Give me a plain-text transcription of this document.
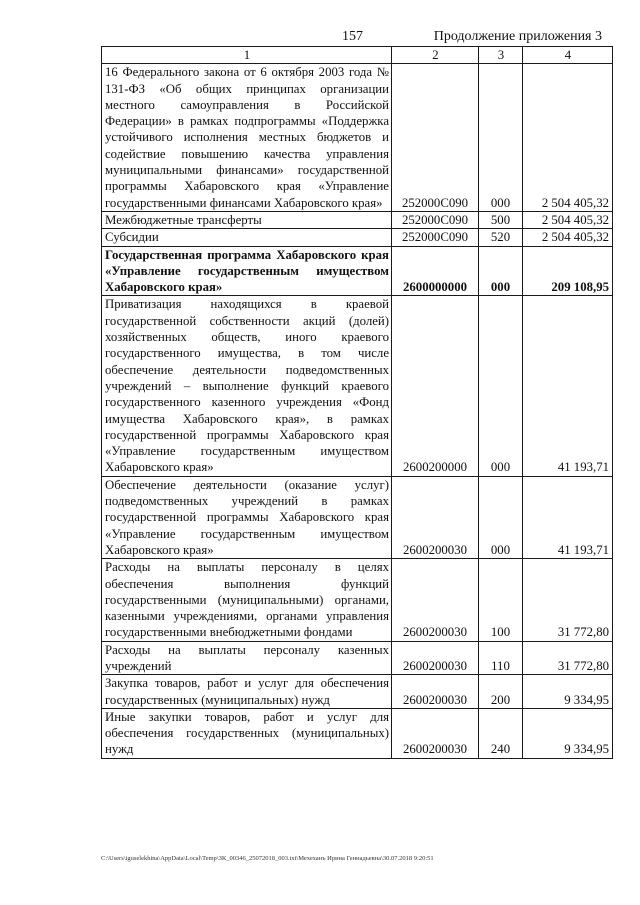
157	Продолжение приложения 3
1	2	3	4
16 Федерального закона от 6 октября 2003 года № 131-ФЗ «Об общих принципах организации местного самоуправления в Российской Федерации» в рамках подпрограммы «Поддержка устойчивого исполнения местных бюджетов и содействие повышению качества управления муниципальными финансами» государственной программы Хабаровского края «Управление государственными финансами Хабаровского края»	252000С090	000	2 504 405,32
Межбюджетные трансферты	252000С090	500	2 504 405,32
Субсидии	252000С090	520	2 504 405,32
Государственная программа Хабаровского края «Управление государственным имуществом Хабаровского края»	2600000000	000	209 108,95
Приватизация находящихся в краевой государственной собственности акций (долей) хозяйственных обществ, иного краевого государственного имущества, в том числе обеспечение деятельности подведомственных учреждений – выполнение функций краевого государственного казенного учреждения «Фонд имущества Хабаровского края», в рамках государственной программы Хабаровского края «Управление государственным имуществом Хабаровского края»	2600200000	000	41 193,71
Обеспечение деятельности (оказание услуг) подведомственных учреждений в рамках государственной программы Хабаровского края «Управление государственным имуществом Хабаровского края»	2600200030	000	41 193,71
Расходы на выплаты персоналу в целях обеспечения выполнения функций государственными (муниципальными) органами, казенными учреждениями, органами управления государственными внебюджетными фондами	2600200030	100	31 772,80
Расходы на выплаты персоналу казенных учреждений	2600200030	110	31 772,80
Закупка товаров, работ и услуг для обеспечения государственных (муниципальных) нужд	2600200030	200	9 334,95
Иные закупки товаров, работ и услуг для обеспечения государственных (муниципальных) нужд	2600200030	240	9 334,95
C:\Users\iguselekhina\AppData\Local\Temp\ЗК_00346_25072018_003.txt\Мехеханъ Ирина Геннадьевна\30.07.2018 9:20:51
